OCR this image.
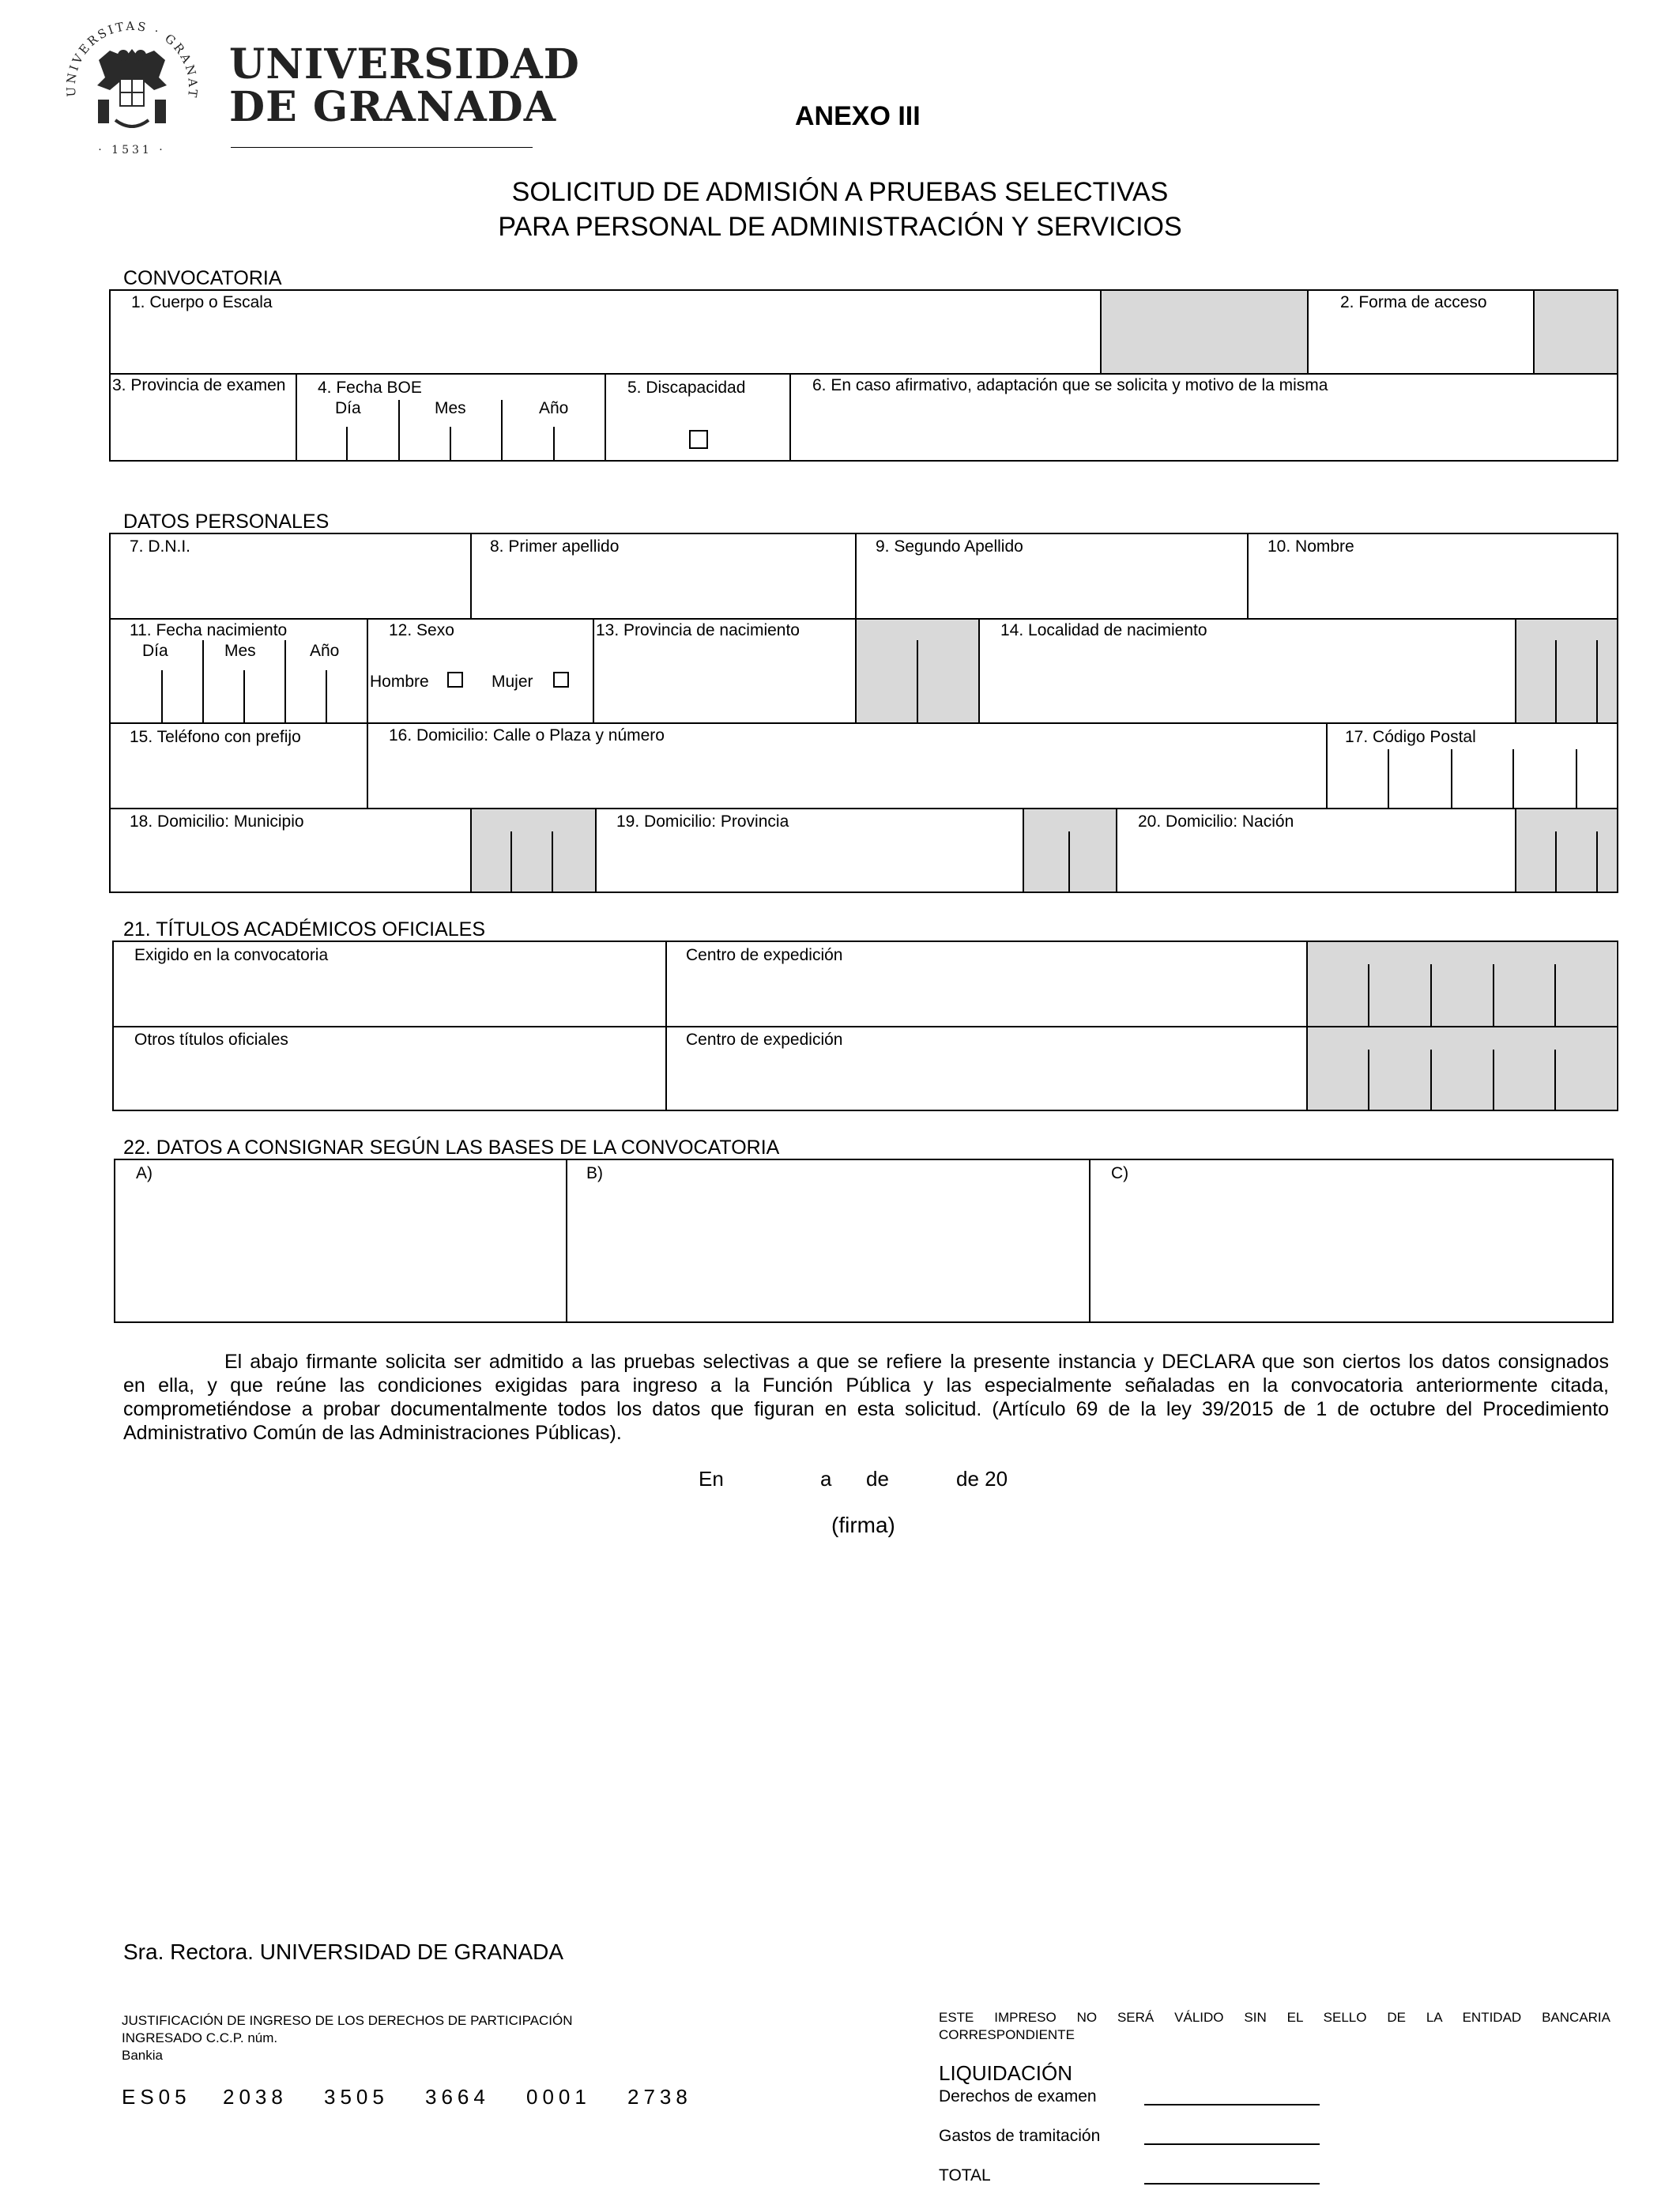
UNIVERSITAS · GRANAT
· 1531 ·
UNIVERSIDAD
DE GRANADA	ANEXO III
SOLICITUD DE ADMISIÓN A PRUEBAS SELECTIVAS
PARA PERSONAL DE ADMINISTRACIÓN Y SERVICIOS
CONVOCATORIA
1. Cuerpo o Escala	2. Forma de acceso
3. Provincia de examen 4. Fecha BOE
Día	Mes	Año
5. Discapacidad	6. En caso afirmativo, adaptación que se solicita y motivo de la misma
DATOS PERSONALES
7. D.N.I.	8. Primer apellido	9. Segundo Apellido	10. Nombre
11. Fecha nacimiento
Día	Mes	Año
12. Sexo
Hombre	Mujer
13. Provincia de nacimiento	14. Localidad de nacimiento
15. Teléfono con prefijo	16. Domicilio: Calle o Plaza y número	17. Código Postal
18. Domicilio: Municipio	19. Domicilio: Provincia	20. Domicilio: Nación
21. TÍTULOS ACADÉMICOS OFICIALES
Exigido en la convocatoria	Centro de expedición
Otros títulos oficiales	Centro de expedición
22. DATOS A CONSIGNAR SEGÚN LAS BASES DE LA CONVOCATORIA
A)	B)	C)
El abajo firmante solicita ser admitido a las pruebas selectivas a que se refiere la presente instancia y DECLARA que son ciertos los datos consignados
en ella, y que reúne las condiciones exigidas para ingreso a la Función Pública y las especialmente señaladas en la convocatoria anteriormente citada,
comprometiéndose a probar documentalmente todos los datos que figuran en esta solicitud. (Artículo 69 de la ley 39/2015 de 1 de octubre del Procedimiento
Administrativo Común de las Administraciones Públicas).
En	a de	de 20
(firma)
Sra. Rectora. UNIVERSIDAD DE GRANADA
JUSTIFICACIÓN DE INGRESO DE LOS DERECHOS DE PARTICIPACIÓN
INGRESADO C.C.P. núm.
Bankia
ES05 2038 3505 3664 0001 2738
ESTE IMPRESO NO SERÁ VÁLIDO SIN EL SELLO DE LA ENTIDAD BANCARIA
CORRESPONDIENTE
LIQUIDACIÓN
Derechos de examen
Gastos de tramitación
TOTAL
